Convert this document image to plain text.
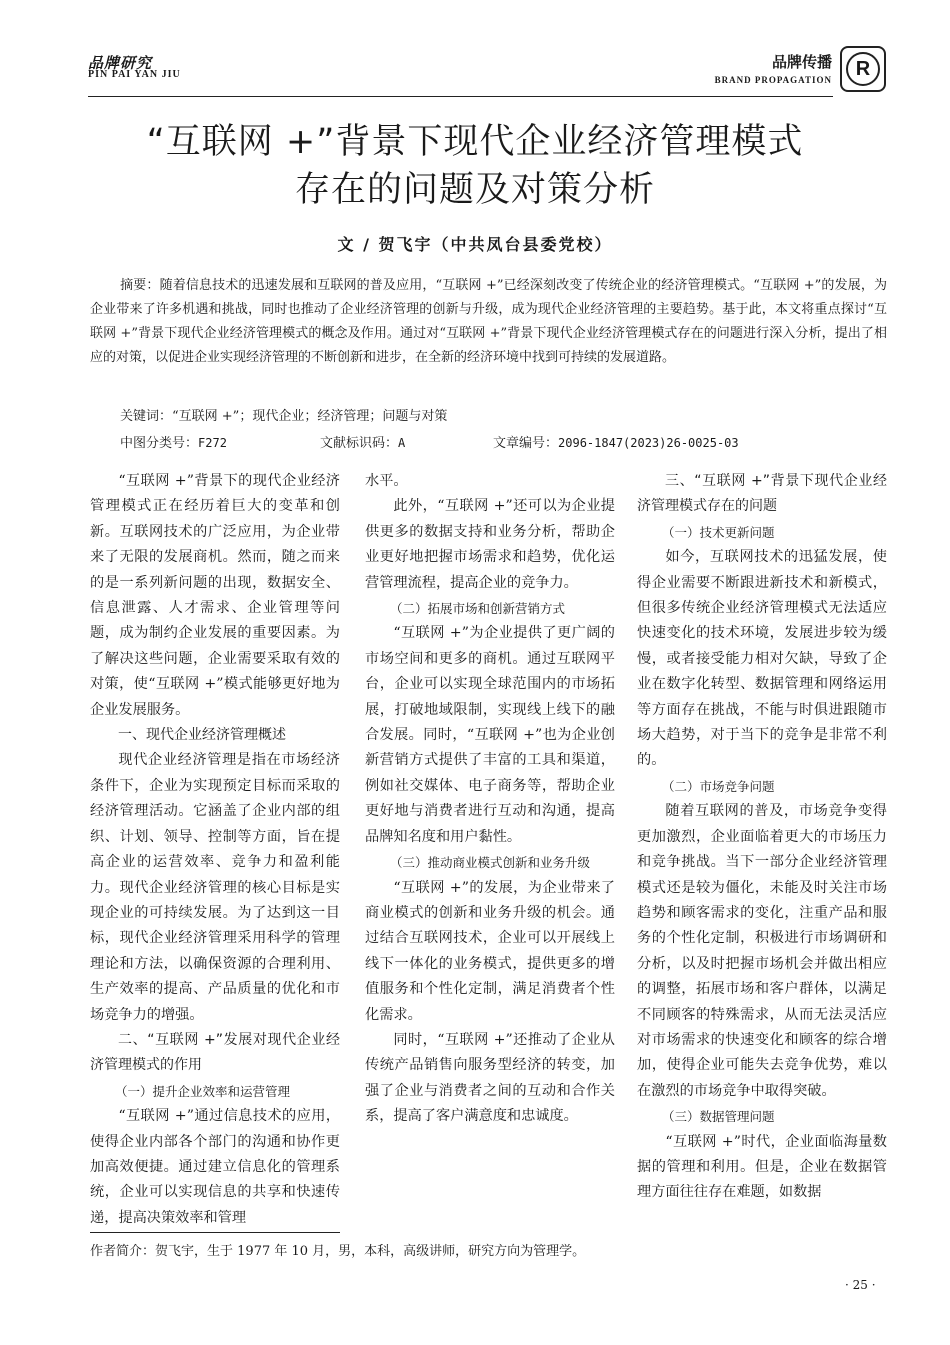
品牌研究
PIN PAI YAN JIU
品牌传播
BRAND PROPAGATION	R
“互联网 +”背景下现代企业经济管理模式
存在的问题及对策分析
文 / 贺飞宇（中共凤台县委党校）
摘要：随着信息技术的迅速发展和互联网的普及应用，“互联网 +”已经深刻改变了传统企业的经济管理模式。“互联网 +”的发展，为企业带来了许多机遇和挑战，同时也推动了企业经济管理的创新与升级，成为现代企业经济管理的主要趋势。基于此，本文将重点探讨“互联网 +”背景下现代企业经济管理模式的概念及作用。通过对“互联网 +”背景下现代企业经济管理模式存在的问题进行深入分析，提出了相应的对策，以促进企业实现经济管理的不断创新和进步，在全新的经济环境中找到可持续的发展道路。
关键词：“互联网 +”；现代企业；经济管理；问题与对策
中图分类号：F272	文献标识码：A	文章编号：2096-1847(2023)26-0025-03

“互联网 +”背景下的现代企业经济管理模式正在经历着巨大的变革和创新。互联网技术的广泛应用，为企业带来了无限的发展商机。然而，随之而来的是一系列新问题的出现，数据安全、信息泄露、人才需求、企业管理等问题，成为制约企业发展的重要因素。为了解决这些问题，企业需要采取有效的对策，使“互联网 +”模式能够更好地为企业发展服务。

一、现代企业经济管理概述

现代企业经济管理是指在市场经济条件下，企业为实现预定目标而采取的经济管理活动。它涵盖了企业内部的组织、计划、领导、控制等方面，旨在提高企业的运营效率、竞争力和盈利能力。现代企业经济管理的核心目标是实现企业的可持续发展。为了达到这一目标，现代企业经济管理采用科学的管理理论和方法，以确保资源的合理利用、生产效率的提高、产品质量的优化和市场竞争力的增强。

二、“互联网 +”发展对现代企业经济管理模式的作用

（一）提升企业效率和运营管理

“互联网 +”通过信息技术的应用，使得企业内部各个部门的沟通和协作更加高效便捷。通过建立信息化的管理系统，企业可以实现信息的共享和快速传递，提高决策效率和管理

水平。

此外，“互联网 +”还可以为企业提供更多的数据支持和业务分析，帮助企业更好地把握市场需求和趋势，优化运营管理流程，提高企业的竞争力。

（二）拓展市场和创新营销方式

“互联网 +”为企业提供了更广阔的市场空间和更多的商机。通过互联网平台，企业可以实现全球范围内的市场拓展，打破地域限制，实现线上线下的融合发展。同时，“互联网 +”也为企业创新营销方式提供了丰富的工具和渠道，例如社交媒体、电子商务等，帮助企业更好地与消费者进行互动和沟通，提高品牌知名度和用户黏性。

（三）推动商业模式创新和业务升级

“互联网 +”的发展，为企业带来了商业模式的创新和业务升级的机会。通过结合互联网技术，企业可以开展线上线下一体化的业务模式，提供更多的增值服务和个性化定制，满足消费者个性化需求。

同时，“互联网 +”还推动了企业从传统产品销售向服务型经济的转变，加强了企业与消费者之间的互动和合作关系，提高了客户满意度和忠诚度。

三、“互联网 +”背景下现代企业经济管理模式存在的问题

（一）技术更新问题

如今，互联网技术的迅猛发展，使得企业需要不断跟进新技术和新模式，但很多传统企业经济管理模式无法适应快速变化的技术环境，发展进步较为缓慢，或者接受能力相对欠缺，导致了企业在数字化转型、数据管理和网络运用等方面存在挑战，不能与时俱进跟随市场大趋势，对于当下的竞争是非常不利的。

（二）市场竞争问题

随着互联网的普及，市场竞争变得更加激烈，企业面临着更大的市场压力和竞争挑战。当下一部分企业经济管理模式还是较为僵化，未能及时关注市场趋势和顾客需求的变化，注重产品和服务的个性化定制，积极进行市场调研和分析，以及时把握市场机会并做出相应的调整，拓展市场和客户群体，以满足不同顾客的特殊需求，从而无法灵活应对市场需求的快速变化和顾客的综合增加，使得企业可能失去竞争优势，难以在激烈的市场竞争中取得突破。

（三）数据管理问题

“互联网 +”时代，企业面临海量数据的管理和利用。但是，企业在数据管理方面往往存在难题，如数据

作者简介：贺飞宇，生于 1977 年 10 月，男，本科，高级讲师，研究方向为管理学。
· 25 ·
